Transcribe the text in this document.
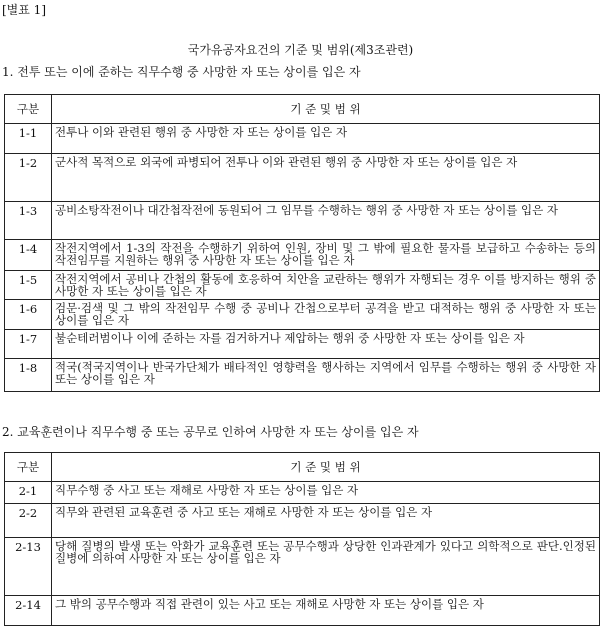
[별표 1]
국가유공자요건의 기준 및 범위(제3조관련)
1. 전투 또는 이에 준하는 직무수행 중 사망한 자 또는 상이를 입은 자
구분	기 준 및 범 위
1-1	전투나 이와 관련된 행위 중 사망한 자 또는 상이를 입은 자
1-2	군사적 목적으로 외국에 파병되어 전투나 이와 관련된 행위 중 사망한 자 또는 상이를 입은 자
1-3	공비소탕작전이나 대간첩작전에 동원되어 그 임무를 수행하는 행위 중 사망한 자 또는 상이를 입은 자
1-4	작전지역에서 1-3의 작전을 수행하기 위하여 인원, 장비 및 그 밖에 필요한 물자를 보급하고 수송하는 등의 작전임무를 지원하는 행위 중 사망한 자 또는 상이를 입은 자
1-5	작전지역에서 공비나 간첩의 활동에 호응하여 치안을 교란하는 행위가 자행되는 경우 이를 방지하는 행위 중 사망한 자 또는 상이를 입은 자
1-6	검문·검색 및 그 밖의 작전임무 수행 중 공비나 간첩으로부터 공격을 받고 대적하는 행위 중 사망한 자 또는 상이를 입은 자
1-7	불순테러범이나 이에 준하는 자를 검거하거나 제압하는 행위 중 사망한 자 또는 상이를 입은 자
1-8	적국(적국지역이나 반국가단체가 배타적인 영향력을 행사하는 지역에서 임무를 수행하는 행위 중 사망한 자 또는 상이를 입은 자
2. 교육훈련이나 직무수행 중 또는 공무로 인하여 사망한 자 또는 상이를 입은 자
구분	기 준 및 범 위
2-1	직무수행 중 사고 또는 재해로 사망한 자 또는 상이를 입은 자
2-2	직무와 관련된 교육훈련 중 사고 또는 재해로 사망한 자 또는 상이를 입은 자
2-13	당해 질병의 발생 또는 악화가 교육훈련 또는 공무수행과 상당한 인과관계가 있다고 의학적으로 판단.인정된 질병에 의하여 사망한 자 또는 상이를 입은 자
2-14	그 밖의 공무수행과 직접 관련이 있는 사고 또는 재해로 사망한 자 또는 상이를 입은 자
